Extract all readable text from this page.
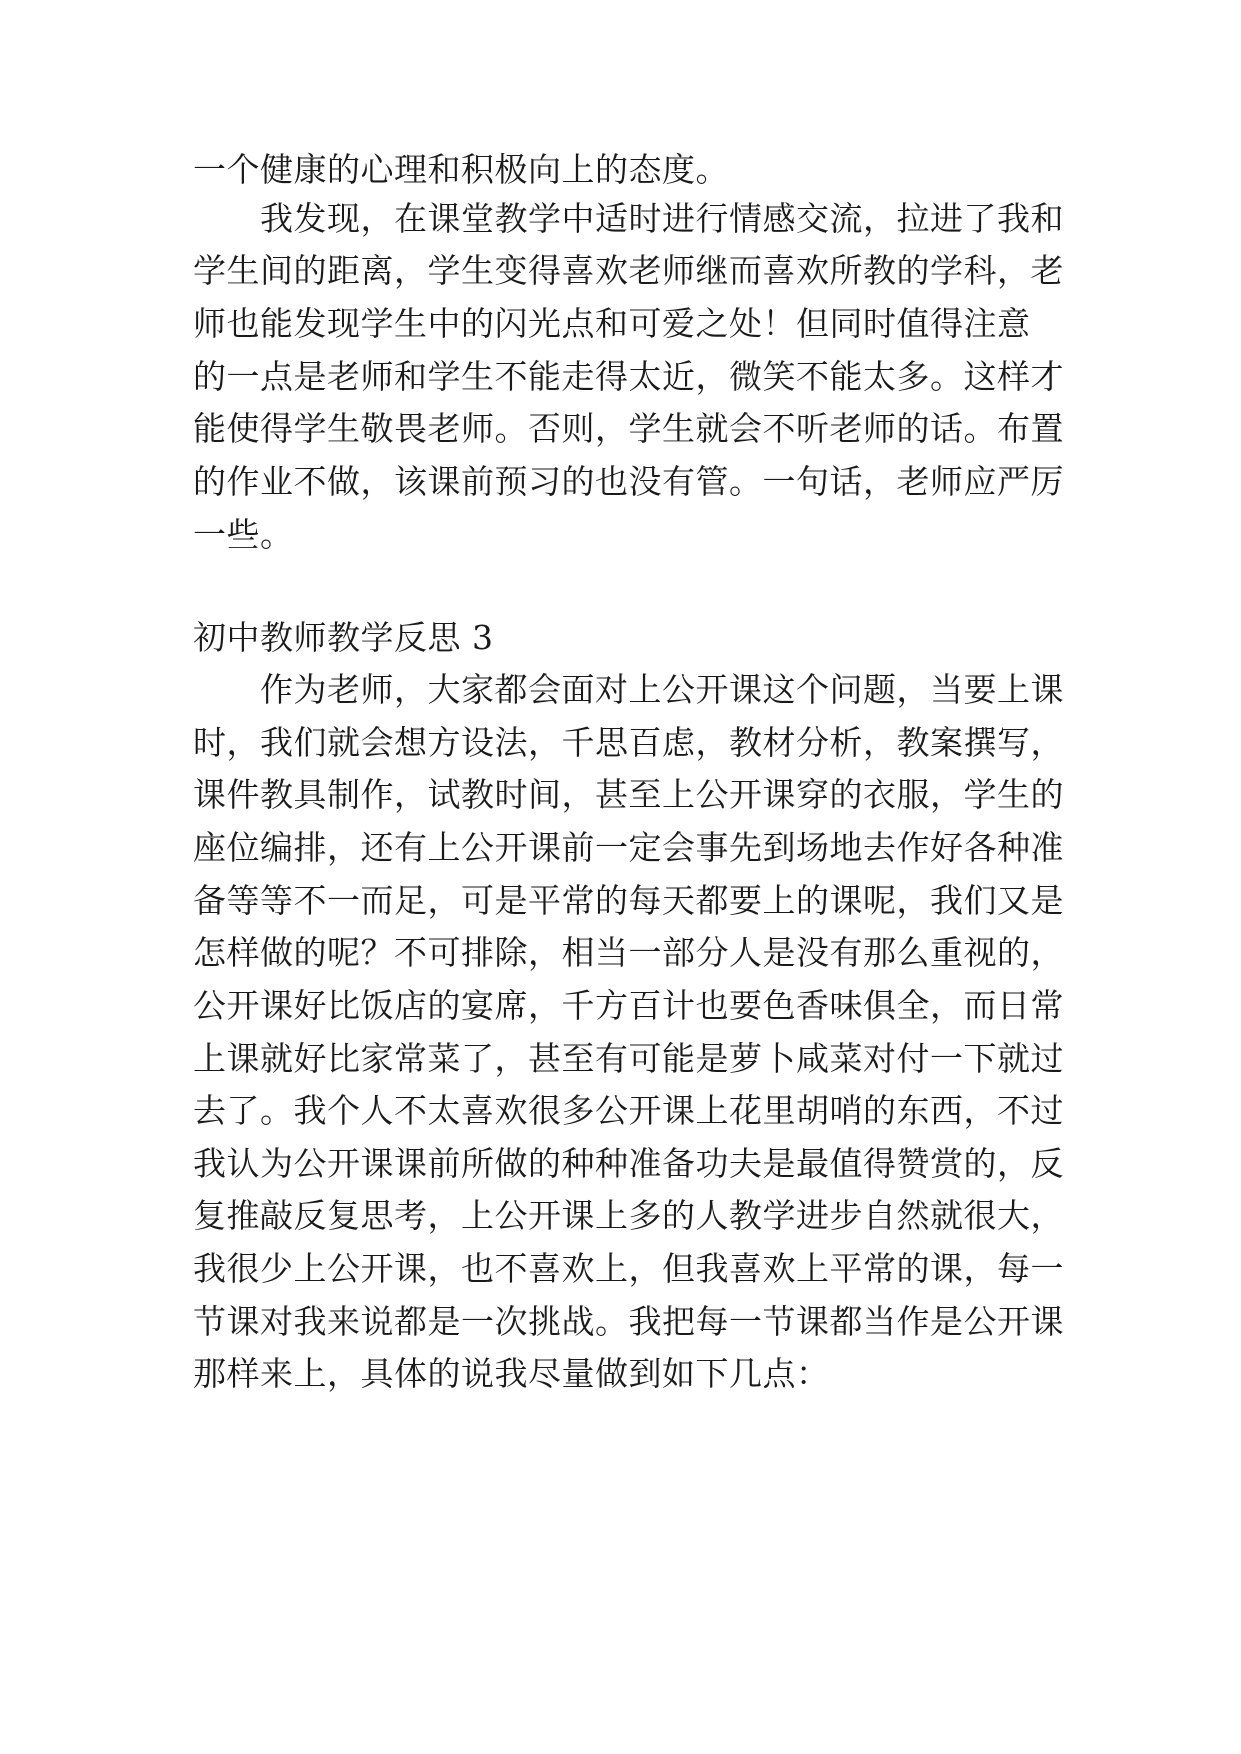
一个健康的心理和积极向上的态度。
我发现，在课堂教学中适时进行情感交流，拉进了我和
学生间的距离，学生变得喜欢老师继而喜欢所教的学科，老
师也能发现学生中的闪光点和可爱之处！但同时值得注意
的一点是老师和学生不能走得太近，微笑不能太多。这样才
能使得学生敬畏老师。否则，学生就会不听老师的话。布置
的作业不做，该课前预习的也没有管。一句话，老师应严厉
一些。
初中教师教学反思 3
作为老师，大家都会面对上公开课这个问题，当要上课
时，我们就会想方设法，千思百虑，教材分析，教案撰写，
课件教具制作，试教时间，甚至上公开课穿的衣服，学生的
座位编排，还有上公开课前一定会事先到场地去作好各种准
备等等不一而足，可是平常的每天都要上的课呢，我们又是
怎样做的呢？不可排除，相当一部分人是没有那么重视的，
公开课好比饭店的宴席，千方百计也要色香味俱全，而日常
上课就好比家常菜了，甚至有可能是萝卜咸菜对付一下就过
去了。我个人不太喜欢很多公开课上花里胡哨的东西，不过
我认为公开课课前所做的种种准备功夫是最值得赞赏的，反
复推敲反复思考，上公开课上多的人教学进步自然就很大，
我很少上公开课，也不喜欢上，但我喜欢上平常的课，每一
节课对我来说都是一次挑战。我把每一节课都当作是公开课
那样来上，具体的说我尽量做到如下几点：
